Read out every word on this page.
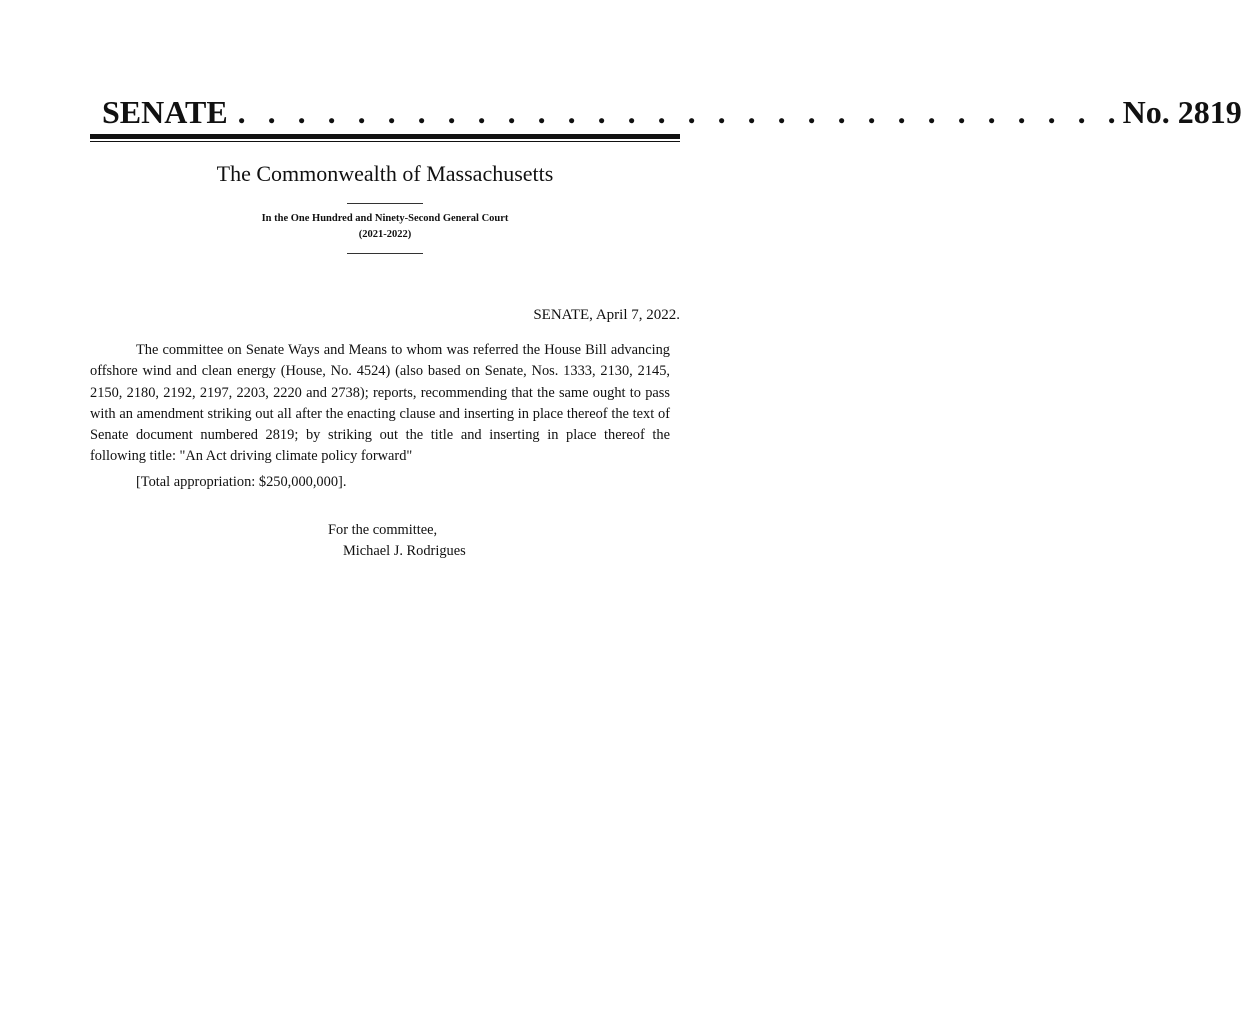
SENATE . . . . . . . . . . . . . . . . . . . . . . . . . . . . . . No. 2819
The Commonwealth of Massachusetts
In the One Hundred and Ninety-Second General Court
(2021-2022)
SENATE, April 7, 2022.

The committee on Senate Ways and Means to whom was referred the House Bill advancing offshore wind and clean energy (House, No. 4524) (also based on Senate, Nos. 1333, 2130, 2145, 2150, 2180, 2192, 2197, 2203, 2220 and 2738); reports, recommending that the same ought to pass with an amendment striking out all after the enacting clause and inserting in place thereof the text of Senate document numbered 2819; by striking out the title and inserting in place thereof the following title: "An Act driving climate policy forward"

[Total appropriation: $250,000,000].
For the committee,
Michael J. Rodrigues
